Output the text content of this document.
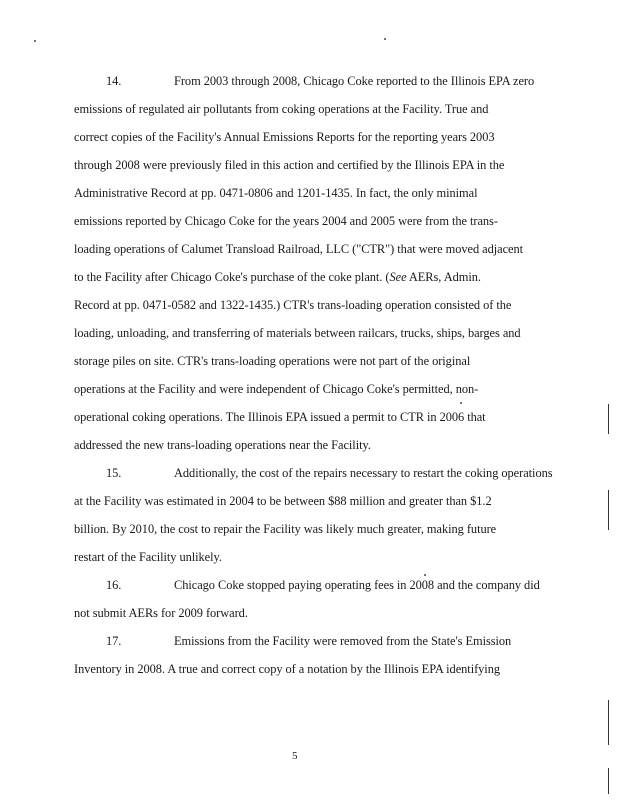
14.	From 2003 through 2008, Chicago Coke reported to the Illinois EPA zero
emissions of regulated air pollutants from coking operations at the Facility. True and
correct copies of the Facility's Annual Emissions Reports for the reporting years 2003
through 2008 were previously filed in this action and certified by the Illinois EPA in the
Administrative Record at pp. 0471-0806 and 1201-1435. In fact, the only minimal
emissions reported by Chicago Coke for the years 2004 and 2005 were from the trans-
loading operations of Calumet Transload Railroad, LLC ("CTR") that were moved adjacent
to the Facility after Chicago Coke's purchase of the coke plant. (See AERs, Admin.
Record at pp. 0471-0582 and 1322-1435.) CTR's trans-loading operation consisted of the
loading, unloading, and transferring of materials between railcars, trucks, ships, barges and
storage piles on site. CTR's trans-loading operations were not part of the original
operations at the Facility and were independent of Chicago Coke's permitted, non-
operational coking operations. The Illinois EPA issued a permit to CTR in 2006 that
addressed the new trans-loading operations near the Facility.
15.	Additionally, the cost of the repairs necessary to restart the coking operations
at the Facility was estimated in 2004 to be between $88 million and greater than $1.2
billion. By 2010, the cost to repair the Facility was likely much greater, making future
restart of the Facility unlikely.
16.	Chicago Coke stopped paying operating fees in 2008 and the company did
not submit AERs for 2009 forward.
17.	Emissions from the Facility were removed from the State's Emission
Inventory in 2008. A true and correct copy of a notation by the Illinois EPA identifying
5
